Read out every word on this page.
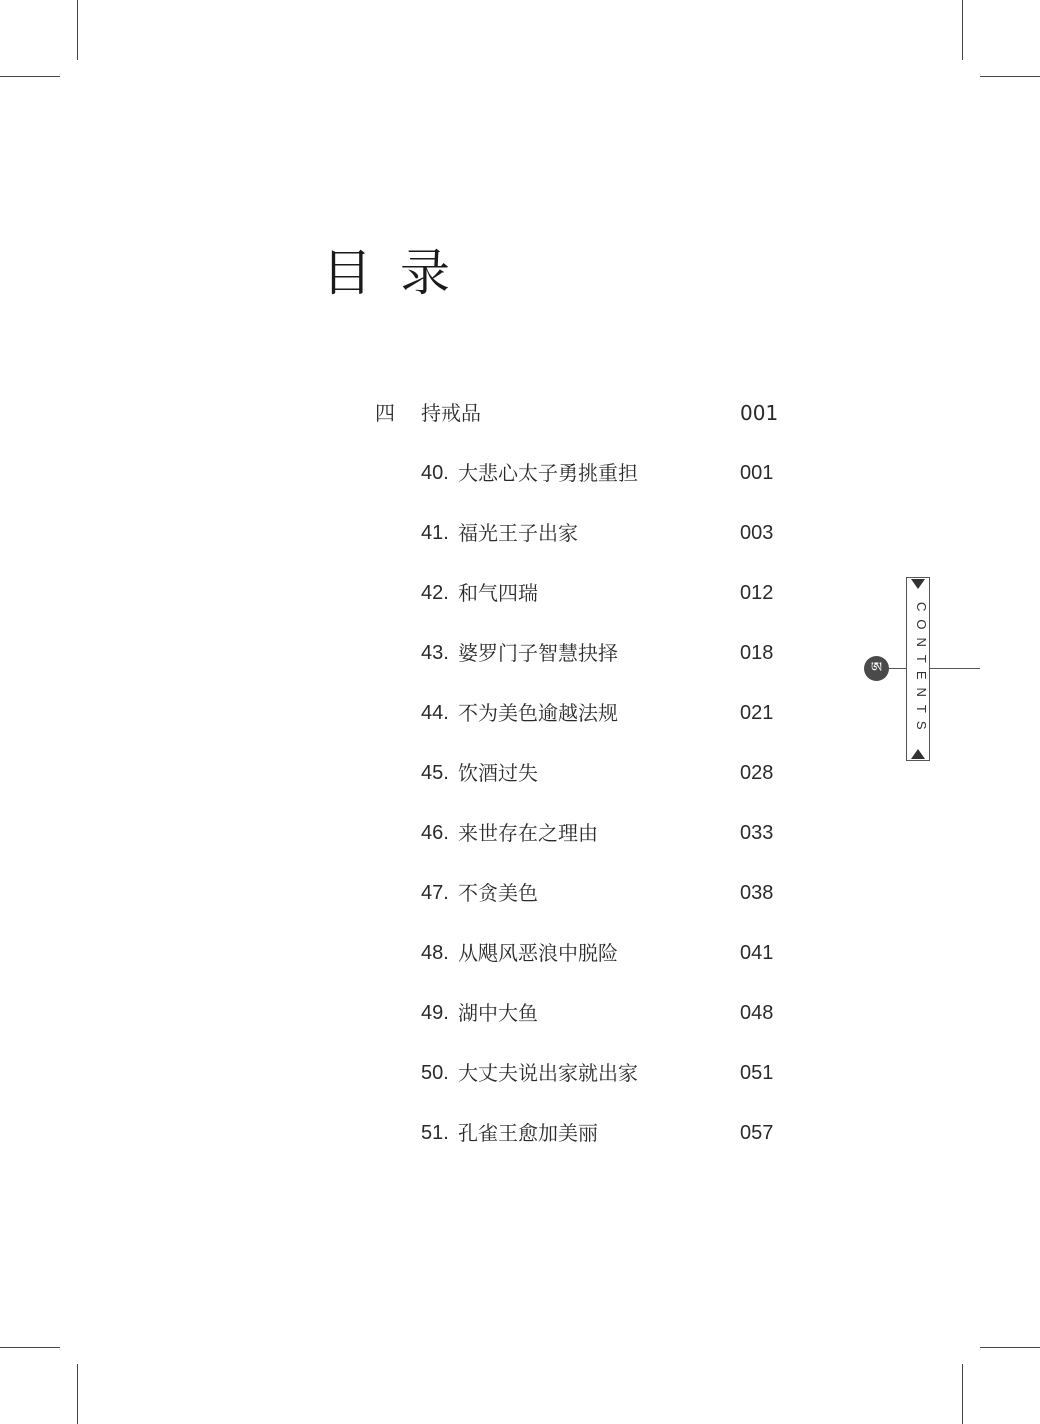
目录
四 持戒品	001
40. 大悲心太子勇挑重担	001
41. 福光王子出家	003
42. 和气四瑞	012
43. 婆罗门子智慧抉择	018
44. 不为美色逾越法规	021
45. 饮酒过失	028
46. 来世存在之理由	033
47. 不贪美色	038
48. 从飓风恶浪中脱险	041
49. 湖中大鱼	048
50. 大丈夫说出家就出家	051
51. 孔雀王愈加美丽	057
CONTENTS
ཨ
